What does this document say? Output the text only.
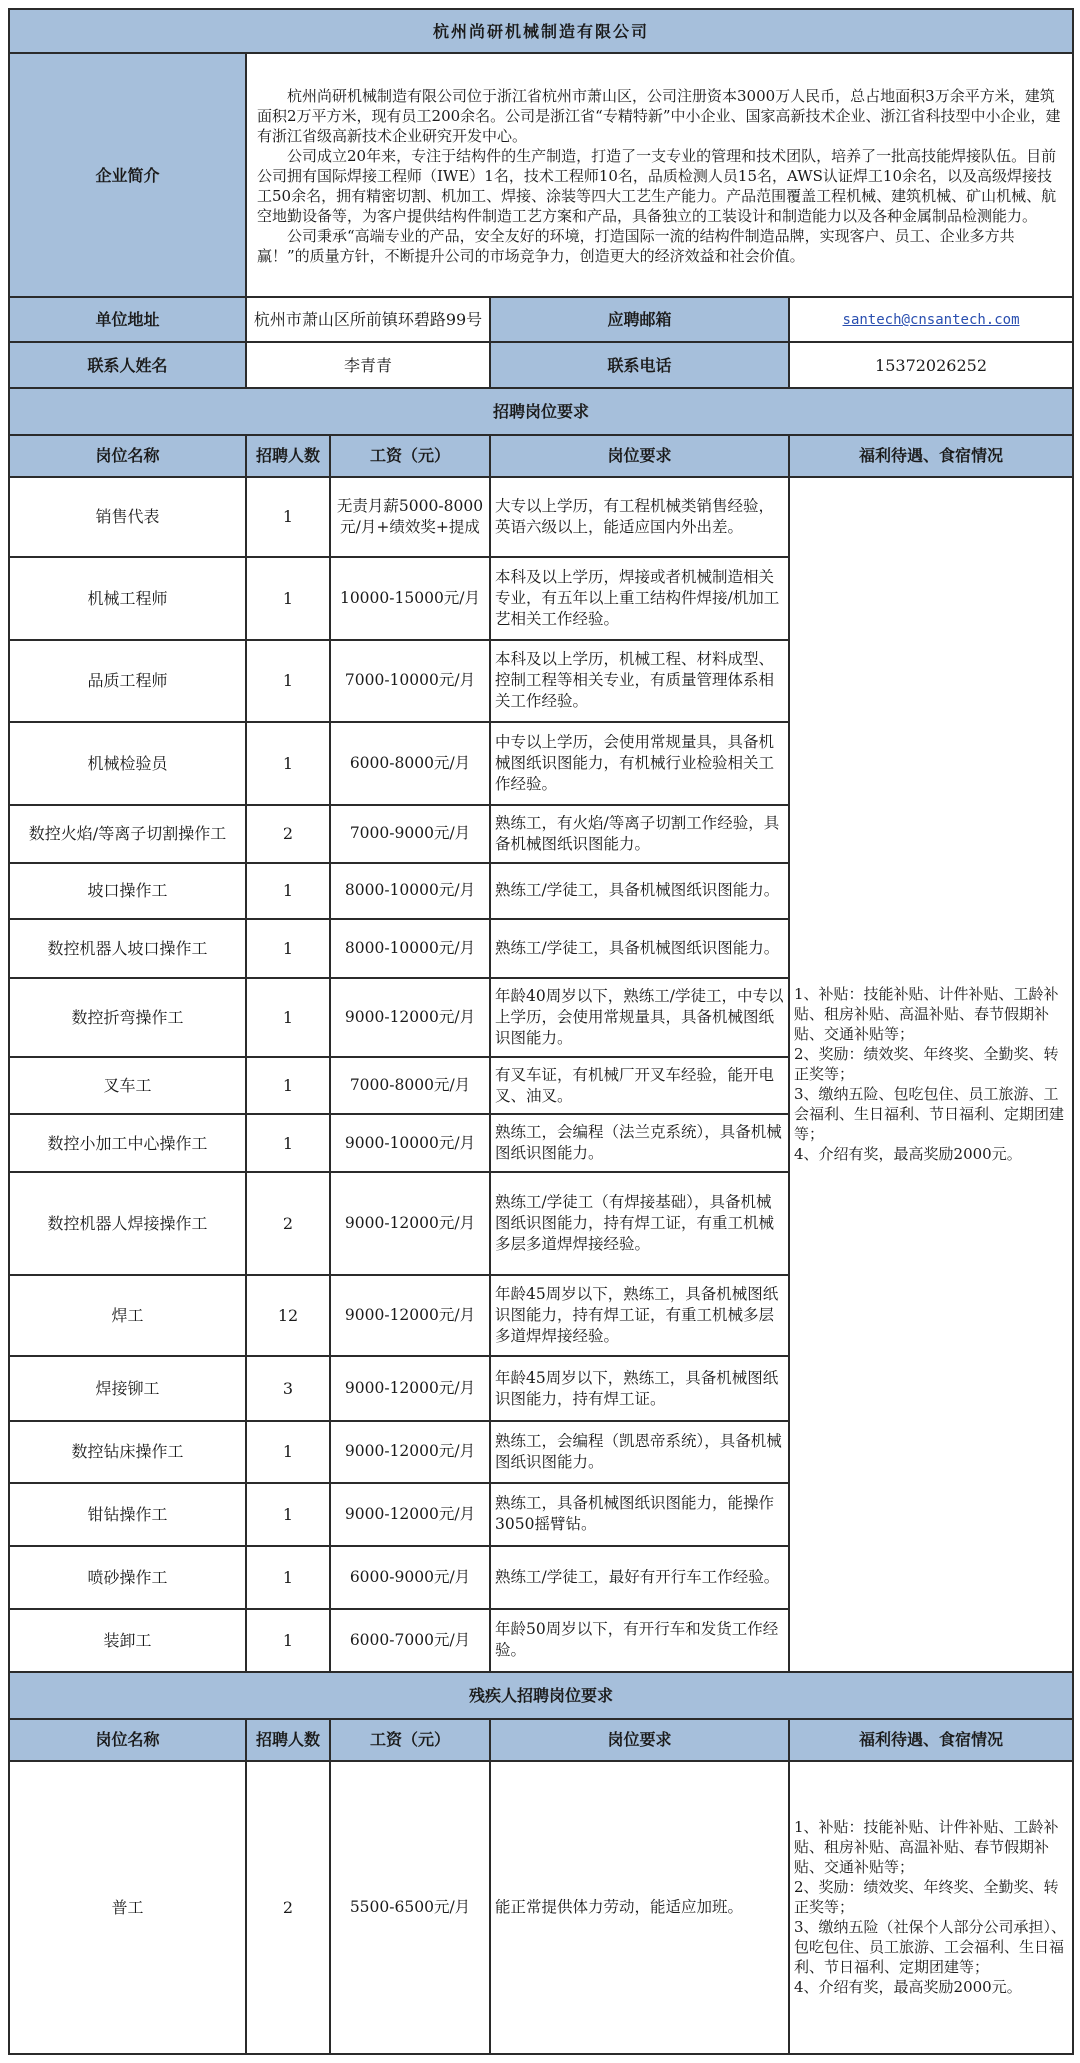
杭州尚研机械制造有限公司				
企业简介	杭州尚研机械制造有限公司位于浙江省杭州市萧山区，公司注册资本3000万人民币，总占地面积3万余平方米，建筑面积2万平方米，现有员工200余名。公司是浙江省“专精特新”中小企业、国家高新技术企业、浙江省科技型中小企业，建有浙江省级高新技术企业研究开发中心。

公司成立20年来，专注于结构件的生产制造，打造了一支专业的管理和技术团队，培养了一批高技能焊接队伍。目前公司拥有国际焊接工程师（IWE）1名，技术工程师10名，品质检测人员15名，AWS认证焊工10余名，以及高级焊接技工50余名，拥有精密切割、机加工、焊接、涂装等四大工艺生产能力。产品范围覆盖工程机械、建筑机械、矿山机械、航空地勤设备等，为客户提供结构件制造工艺方案和产品，具备独立的工装设计和制造能力以及各种金属制品检测能力。

公司秉承“高端专业的产品，安全友好的环境，打造国际一流的结构件制造品牌，实现客户、员工、企业多方共赢！”的质量方针，不断提升公司的市场竞争力，创造更大的经济效益和社会价值。			

单位地址	杭州市萧山区所前镇环碧路99号		应聘邮箱	santech@cnsantech.com
联系人姓名	李青青		联系电话	15372026252
招聘岗位要求				
岗位名称	招聘人数	工资（元）	岗位要求	福利待遇、食宿情况
销售代表	1	无责月薪5000-8000元/月+绩效奖+提成	大专以上学历，有工程机械类销售经验，英语六级以上，能适应国内外出差。	1、补贴：技能补贴、计件补贴、工龄补贴、租房补贴、高温补贴、春节假期补贴、交通补贴等；
2、奖励：绩效奖、年终奖、全勤奖、转正奖等；
3、缴纳五险、包吃包住、员工旅游、工会福利、生日福利、节日福利、定期团建等；
4、介绍有奖，最高奖励2000元。
机械工程师	1	10000-15000元/月	本科及以上学历，焊接或者机械制造相关专业，有五年以上重工结构件焊接/机加工艺相关工作经验。	
品质工程师	1	7000-10000元/月	本科及以上学历，机械工程、材料成型、控制工程等相关专业，有质量管理体系相关工作经验。	
机械检验员	1	6000-8000元/月	中专以上学历，会使用常规量具，具备机械图纸识图能力，有机械行业检验相关工作经验。	
数控火焰/等离子切割操作工	2	7000-9000元/月	熟练工，有火焰/等离子切割工作经验，具备机械图纸识图能力。	
坡口操作工	1	8000-10000元/月	熟练工/学徒工，具备机械图纸识图能力。	
数控机器人坡口操作工	1	8000-10000元/月	熟练工/学徒工，具备机械图纸识图能力。	
数控折弯操作工	1	9000-12000元/月	年龄40周岁以下，熟练工/学徒工，中专以上学历，会使用常规量具，具备机械图纸识图能力。	
叉车工	1	7000-8000元/月	有叉车证，有机械厂开叉车经验，能开电叉、油叉。	
数控小加工中心操作工	1	9000-10000元/月	熟练工，会编程（法兰克系统），具备机械图纸识图能力。	
数控机器人焊接操作工	2	9000-12000元/月	熟练工/学徒工（有焊接基础），具备机械图纸识图能力，持有焊工证，有重工机械多层多道焊焊接经验。	
焊工	12	9000-12000元/月	年龄45周岁以下，熟练工，具备机械图纸识图能力，持有焊工证，有重工机械多层多道焊焊接经验。	
焊接铆工	3	9000-12000元/月	年龄45周岁以下，熟练工，具备机械图纸识图能力，持有焊工证。	
数控钻床操作工	1	9000-12000元/月	熟练工，会编程（凯恩帝系统），具备机械图纸识图能力。	
钳钻操作工	1	9000-12000元/月	熟练工，具备机械图纸识图能力，能操作3050摇臂钻。	
喷砂操作工	1	6000-9000元/月	熟练工/学徒工，最好有开行车工作经验。	
装卸工	1	6000-7000元/月	年龄50周岁以下，有开行车和发货工作经验。	
残疾人招聘岗位要求				
岗位名称	招聘人数	工资（元）	岗位要求	福利待遇、食宿情况
普工	2	5500-6500元/月	能正常提供体力劳动，能适应加班。	1、补贴：技能补贴、计件补贴、工龄补贴、租房补贴、高温补贴、春节假期补贴、交通补贴等；
2、奖励：绩效奖、年终奖、全勤奖、转正奖等；
3、缴纳五险（社保个人部分公司承担）、包吃包住、员工旅游、工会福利、生日福利、节日福利、定期团建等；
4、介绍有奖，最高奖励2000元。
